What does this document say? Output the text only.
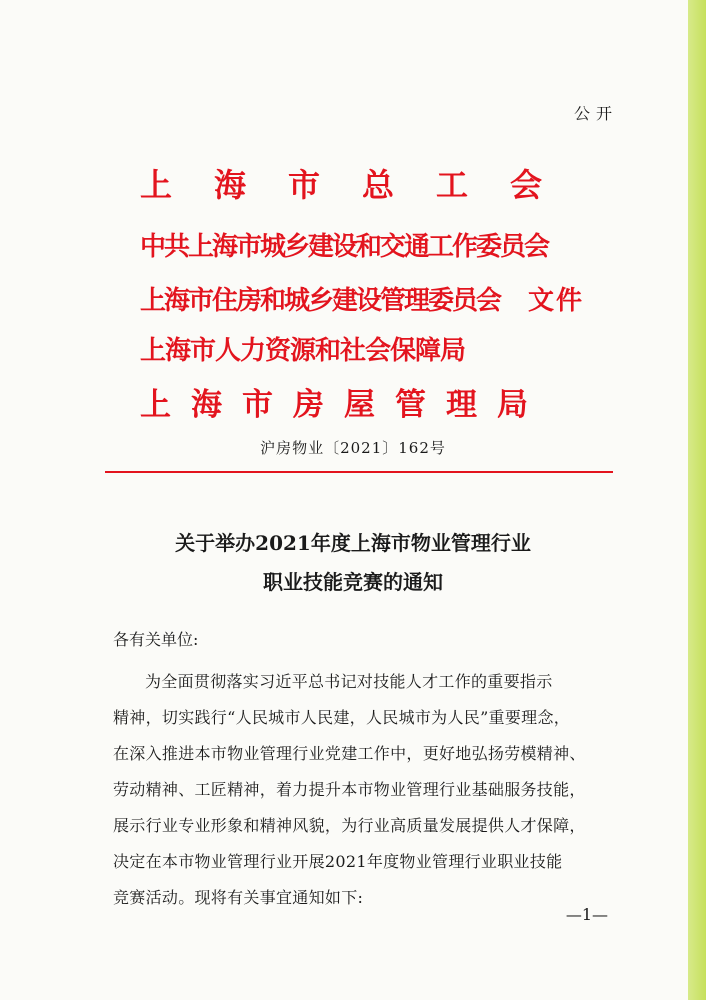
公开
上海市总工会
中共上海市城乡建设和交通工作委员会
上海市住房和城乡建设管理委员会 文件
上海市人力资源和社会保障局
上海市房屋管理局
沪房物业〔2021〕162号
关于举办2021年度上海市物业管理行业
职业技能竞赛的通知
各有关单位:
为全面贯彻落实习近平总书记对技能人才工作的重要指示
精神，切实践行“人民城市人民建，人民城市为人民”重要理念，
在深入推进本市物业管理行业党建工作中，更好地弘扬劳模精神、
劳动精神、工匠精神，着力提升本市物业管理行业基础服务技能，
展示行业专业形象和精神风貌，为行业高质量发展提供人才保障，
决定在本市物业管理行业开展2021年度物业管理行业职业技能
竞赛活动。现将有关事宜通知如下:
—1—
